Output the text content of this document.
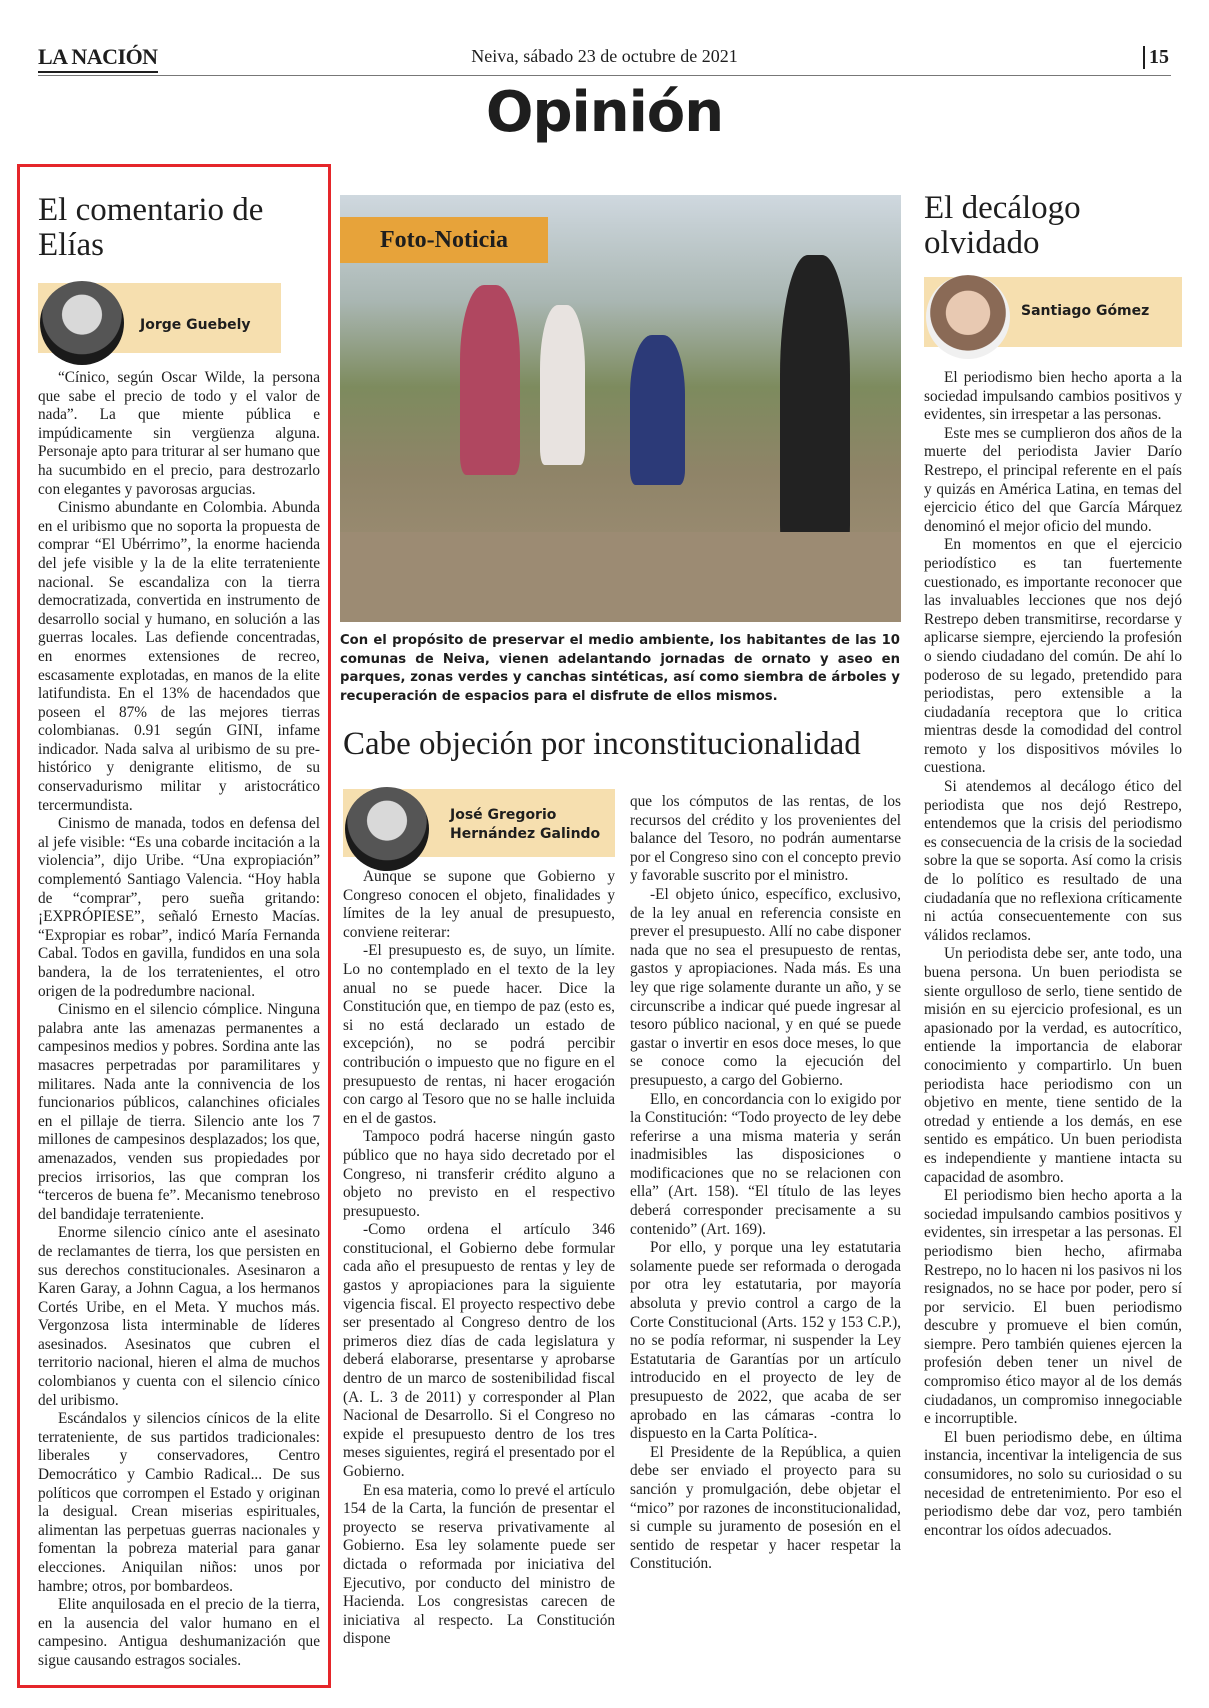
LA NACIÓN	Neiva, sábado 23 de octubre de 2021	15
Opinión
El comentario de Elías
Jorge Guebely

“Cínico, según Oscar Wilde, la persona que sabe el precio de todo y el valor de nada”. La que miente pública e impúdicamente sin vergüenza alguna. Personaje apto para triturar al ser humano que ha sucumbido en el precio, para destrozarlo con elegantes y pavorosas argucias.

Cinismo abundante en Colombia. Abunda en el uribismo que no soporta la propuesta de comprar “El Ubérrimo”, la enorme hacienda del jefe visible y la de la elite terrateniente nacional. Se escandaliza con la tierra democratizada, convertida en instrumento de desarrollo social y humano, en solución a las guerras locales. Las defiende concentradas, en enormes extensiones de recreo, escasamente explotadas, en manos de la elite latifundista. En el 13% de hacendados que poseen el 87% de las mejores tierras colombianas. 0.91 según GINI, infame indicador. Nada salva al uribismo de su pre-histórico y denigrante elitismo, de su conservadurismo militar y aristocrático tercermundista.

Cinismo de manada, todos en defensa del al jefe visible: “Es una cobarde incitación a la violencia”, dijo Uribe. “Una expropiación” complementó Santiago Valencia. “Hoy habla de “comprar”, pero sueña gritando: ¡EXPRÓPIESE”, señaló Ernesto Macías. “Expropiar es robar”, indicó María Fernanda Cabal. Todos en gavilla, fundidos en una sola bandera, la de los terratenientes, el otro origen de la podredumbre nacional.

Cinismo en el silencio cómplice. Ninguna palabra ante las amenazas permanentes a campesinos medios y pobres. Sordina ante las masacres perpetradas por paramilitares y militares. Nada ante la connivencia de los funcionarios públicos, calanchines oficiales en el pillaje de tierra. Silencio ante los 7 millones de campesinos desplazados; los que, amenazados, venden sus propiedades por precios irrisorios, las que compran los “terceros de buena fe”. Mecanismo tenebroso del bandidaje terrateniente.

Enorme silencio cínico ante el asesinato de reclamantes de tierra, los que persisten en sus derechos constitucionales. Asesinaron a Karen Garay, a Johnn Cagua, a los hermanos Cortés Uribe, en el Meta. Y muchos más. Vergonzosa lista interminable de líderes asesinados. Asesinatos que cubren el territorio nacional, hieren el alma de muchos colombianos y cuenta con el silencio cínico del uribismo.

Escándalos y silencios cínicos de la elite terrateniente, de sus partidos tradicionales: liberales y conservadores, Centro Democrático y Cambio Radical... De sus políticos que corrompen el Estado y originan la desigual. Crean miserias espirituales, alimentan las perpetuas guerras nacionales y fomentan la pobreza material para ganar elecciones. Aniquilan niños: unos por hambre; otros, por bombardeos.

Elite anquilosada en el precio de la tierra, en la ausencia del valor humano en el campesino. Antigua deshumanización que sigue causando estragos sociales.

Foto-Noticia
Con el propósito de preservar el medio ambiente, los habitantes de las 10 comunas de Neiva, vienen adelantando jornadas de ornato y aseo en parques, zonas verdes y canchas sintéticas, así como siembra de árboles y recuperación de espacios para el disfrute de ellos mismos.
Cabe objeción por inconstitucionalidad
José Gregorio Hernández Galindo

Aunque se supone que Gobierno y Congreso conocen el objeto, finalidades y límites de la ley anual de presupuesto, conviene reiterar:

-El presupuesto es, de suyo, un límite. Lo no contemplado en el texto de la ley anual no se puede hacer. Dice la Constitución que, en tiempo de paz (esto es, si no está declarado un estado de excepción), no se podrá percibir contribución o impuesto que no figure en el presupuesto de rentas, ni hacer erogación con cargo al Tesoro que no se halle incluida en el de gastos.

Tampoco podrá hacerse ningún gasto público que no haya sido decretado por el Congreso, ni transferir crédito alguno a objeto no previsto en el respectivo presupuesto.

-Como ordena el artículo 346 constitucional, el Gobierno debe formular cada año el presupuesto de rentas y ley de gastos y apropiaciones para la siguiente vigencia fiscal. El proyecto respectivo debe ser presentado al Congreso dentro de los primeros diez días de cada legislatura y deberá elaborarse, presentarse y aprobarse dentro de un marco de sostenibilidad fiscal (A. L. 3 de 2011) y corresponder al Plan Nacional de Desarrollo. Si el Congreso no expide el presupuesto dentro de los tres meses siguientes, regirá el presentado por el Gobierno.

En esa materia, como lo prevé el artículo 154 de la Carta, la función de presentar el proyecto se reserva privativamente al Gobierno. Esa ley solamente puede ser dictada o reformada por iniciativa del Ejecutivo, por conducto del ministro de Hacienda. Los congresistas carecen de iniciativa al respecto. La Constitución dispone

que los cómputos de las rentas, de los recursos del crédito y los provenientes del balance del Tesoro, no podrán aumentarse por el Congreso sino con el concepto previo y favorable suscrito por el ministro.

-El objeto único, específico, exclusivo, de la ley anual en referencia consiste en prever el presupuesto. Allí no cabe disponer nada que no sea el presupuesto de rentas, gastos y apropiaciones. Nada más. Es una ley que rige solamente durante un año, y se circunscribe a indicar qué puede ingresar al tesoro público nacional, y en qué se puede gastar o invertir en esos doce meses, lo que se conoce como la ejecución del presupuesto, a cargo del Gobierno.

Ello, en concordancia con lo exigido por la Constitución: “Todo proyecto de ley debe referirse a una misma materia y serán inadmisibles las disposiciones o modificaciones que no se relacionen con ella” (Art. 158). “El título de las leyes deberá corresponder precisamente a su contenido” (Art. 169).

Por ello, y porque una ley estatutaria solamente puede ser reformada o derogada por otra ley estatutaria, por mayoría absoluta y previo control a cargo de la Corte Constitucional (Arts. 152 y 153 C.P.), no se podía reformar, ni suspender la Ley Estatutaria de Garantías por un artículo introducido en el proyecto de ley de presupuesto de 2022, que acaba de ser aprobado en las cámaras -contra lo dispuesto en la Carta Política-.

El Presidente de la República, a quien debe ser enviado el proyecto para su sanción y promulgación, debe objetar el “mico” por razones de inconstitucionalidad, si cumple su juramento de posesión en el sentido de respetar y hacer respetar la Constitución.

El decálogo olvidado
Santiago Gómez

El periodismo bien hecho aporta a la sociedad impulsando cambios positivos y evidentes, sin irrespetar a las personas.

Este mes se cumplieron dos años de la muerte del periodista Javier Darío Restrepo, el principal referente en el país y quizás en América Latina, en temas del ejercicio ético del que García Márquez denominó el mejor oficio del mundo.

En momentos en que el ejercicio periodístico es tan fuertemente cuestionado, es importante reconocer que las invaluables lecciones que nos dejó Restrepo deben transmitirse, recordarse y aplicarse siempre, ejerciendo la profesión o siendo ciudadano del común. De ahí lo poderoso de su legado, pretendido para periodistas, pero extensible a la ciudadanía receptora que lo critica mientras desde la comodidad del control remoto y los dispositivos móviles lo cuestiona.

Si atendemos al decálogo ético del periodista que nos dejó Restrepo, entendemos que la crisis del periodismo es consecuencia de la crisis de la sociedad sobre la que se soporta. Así como la crisis de lo político es resultado de una ciudadanía que no reflexiona críticamente ni actúa consecuentemente con sus válidos reclamos.

Un periodista debe ser, ante todo, una buena persona. Un buen periodista se siente orgulloso de serlo, tiene sentido de misión en su ejercicio profesional, es un apasionado por la verdad, es autocrítico, entiende la importancia de elaborar conocimiento y compartirlo. Un buen periodista hace periodismo con un objetivo en mente, tiene sentido de la otredad y entiende a los demás, en ese sentido es empático. Un buen periodista es independiente y mantiene intacta su capacidad de asombro.

El periodismo bien hecho aporta a la sociedad impulsando cambios positivos y evidentes, sin irrespetar a las personas. El periodismo bien hecho, afirmaba Restrepo, no lo hacen ni los pasivos ni los resignados, no se hace por poder, pero sí por servicio. El buen periodismo descubre y promueve el bien común, siempre. Pero también quienes ejercen la profesión deben tener un nivel de compromiso ético mayor al de los demás ciudadanos, un compromiso innegociable e incorruptible.

El buen periodismo debe, en última instancia, incentivar la inteligencia de sus consumidores, no solo su curiosidad o su necesidad de entretenimiento. Por eso el periodismo debe dar voz, pero también encontrar los oídos adecuados.
